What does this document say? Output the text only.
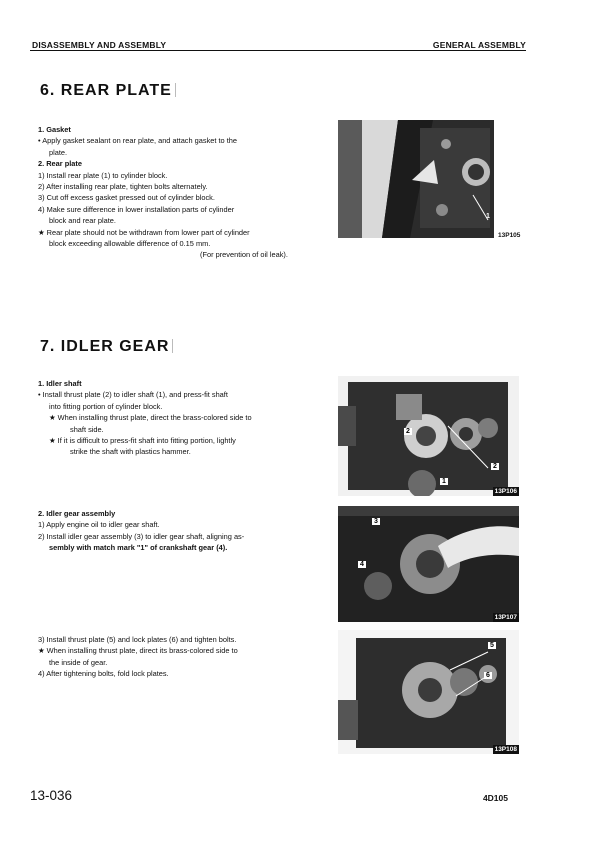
DISASSEMBLY AND ASSEMBLY	GENERAL ASSEMBLY
6. REAR PLATE
1. Gasket
• Apply gasket sealant on rear plate, and attach gasket to the
plate.
2. Rear plate
1) Install rear plate (1) to cylinder block.
2) After installing rear plate, tighten bolts alternately.
3) Cut off excess gasket pressed out of cylinder block.
4) Make sure difference in lower installation parts of cylinder
block and rear plate.
★ Rear plate should not be withdrawn from lower part of cylinder
block exceeding allowable difference of 0.15 mm.
(For prevention of oil leak).
1
13P105
7. IDLER GEAR
1. Idler shaft
• Install thrust plate (2) to idler shaft (1), and press-fit shaft
into fitting portion of cylinder block.
★ When installing thrust plate, direct the brass-colored side to
shaft side.
★ If it is difficult to press-fit shaft into fitting portion, lightly
strike the shaft with plastics hammer.
2. Idler gear assembly
1) Apply engine oil to idler gear shaft.
2) Install idler gear assembly (3) to idler gear shaft, aligning as-
sembly with match mark "1" of crankshaft gear (4).
3) Install thrust plate (5) and lock plates (6) and tighten bolts.
★ When installing thrust plate, direct its brass-colored side to
the inside of gear.
4) After tightening bolts, fold lock plates.
2
1
2
13P106
3
4
13P107
5
6
13P108
13-036	4D105
